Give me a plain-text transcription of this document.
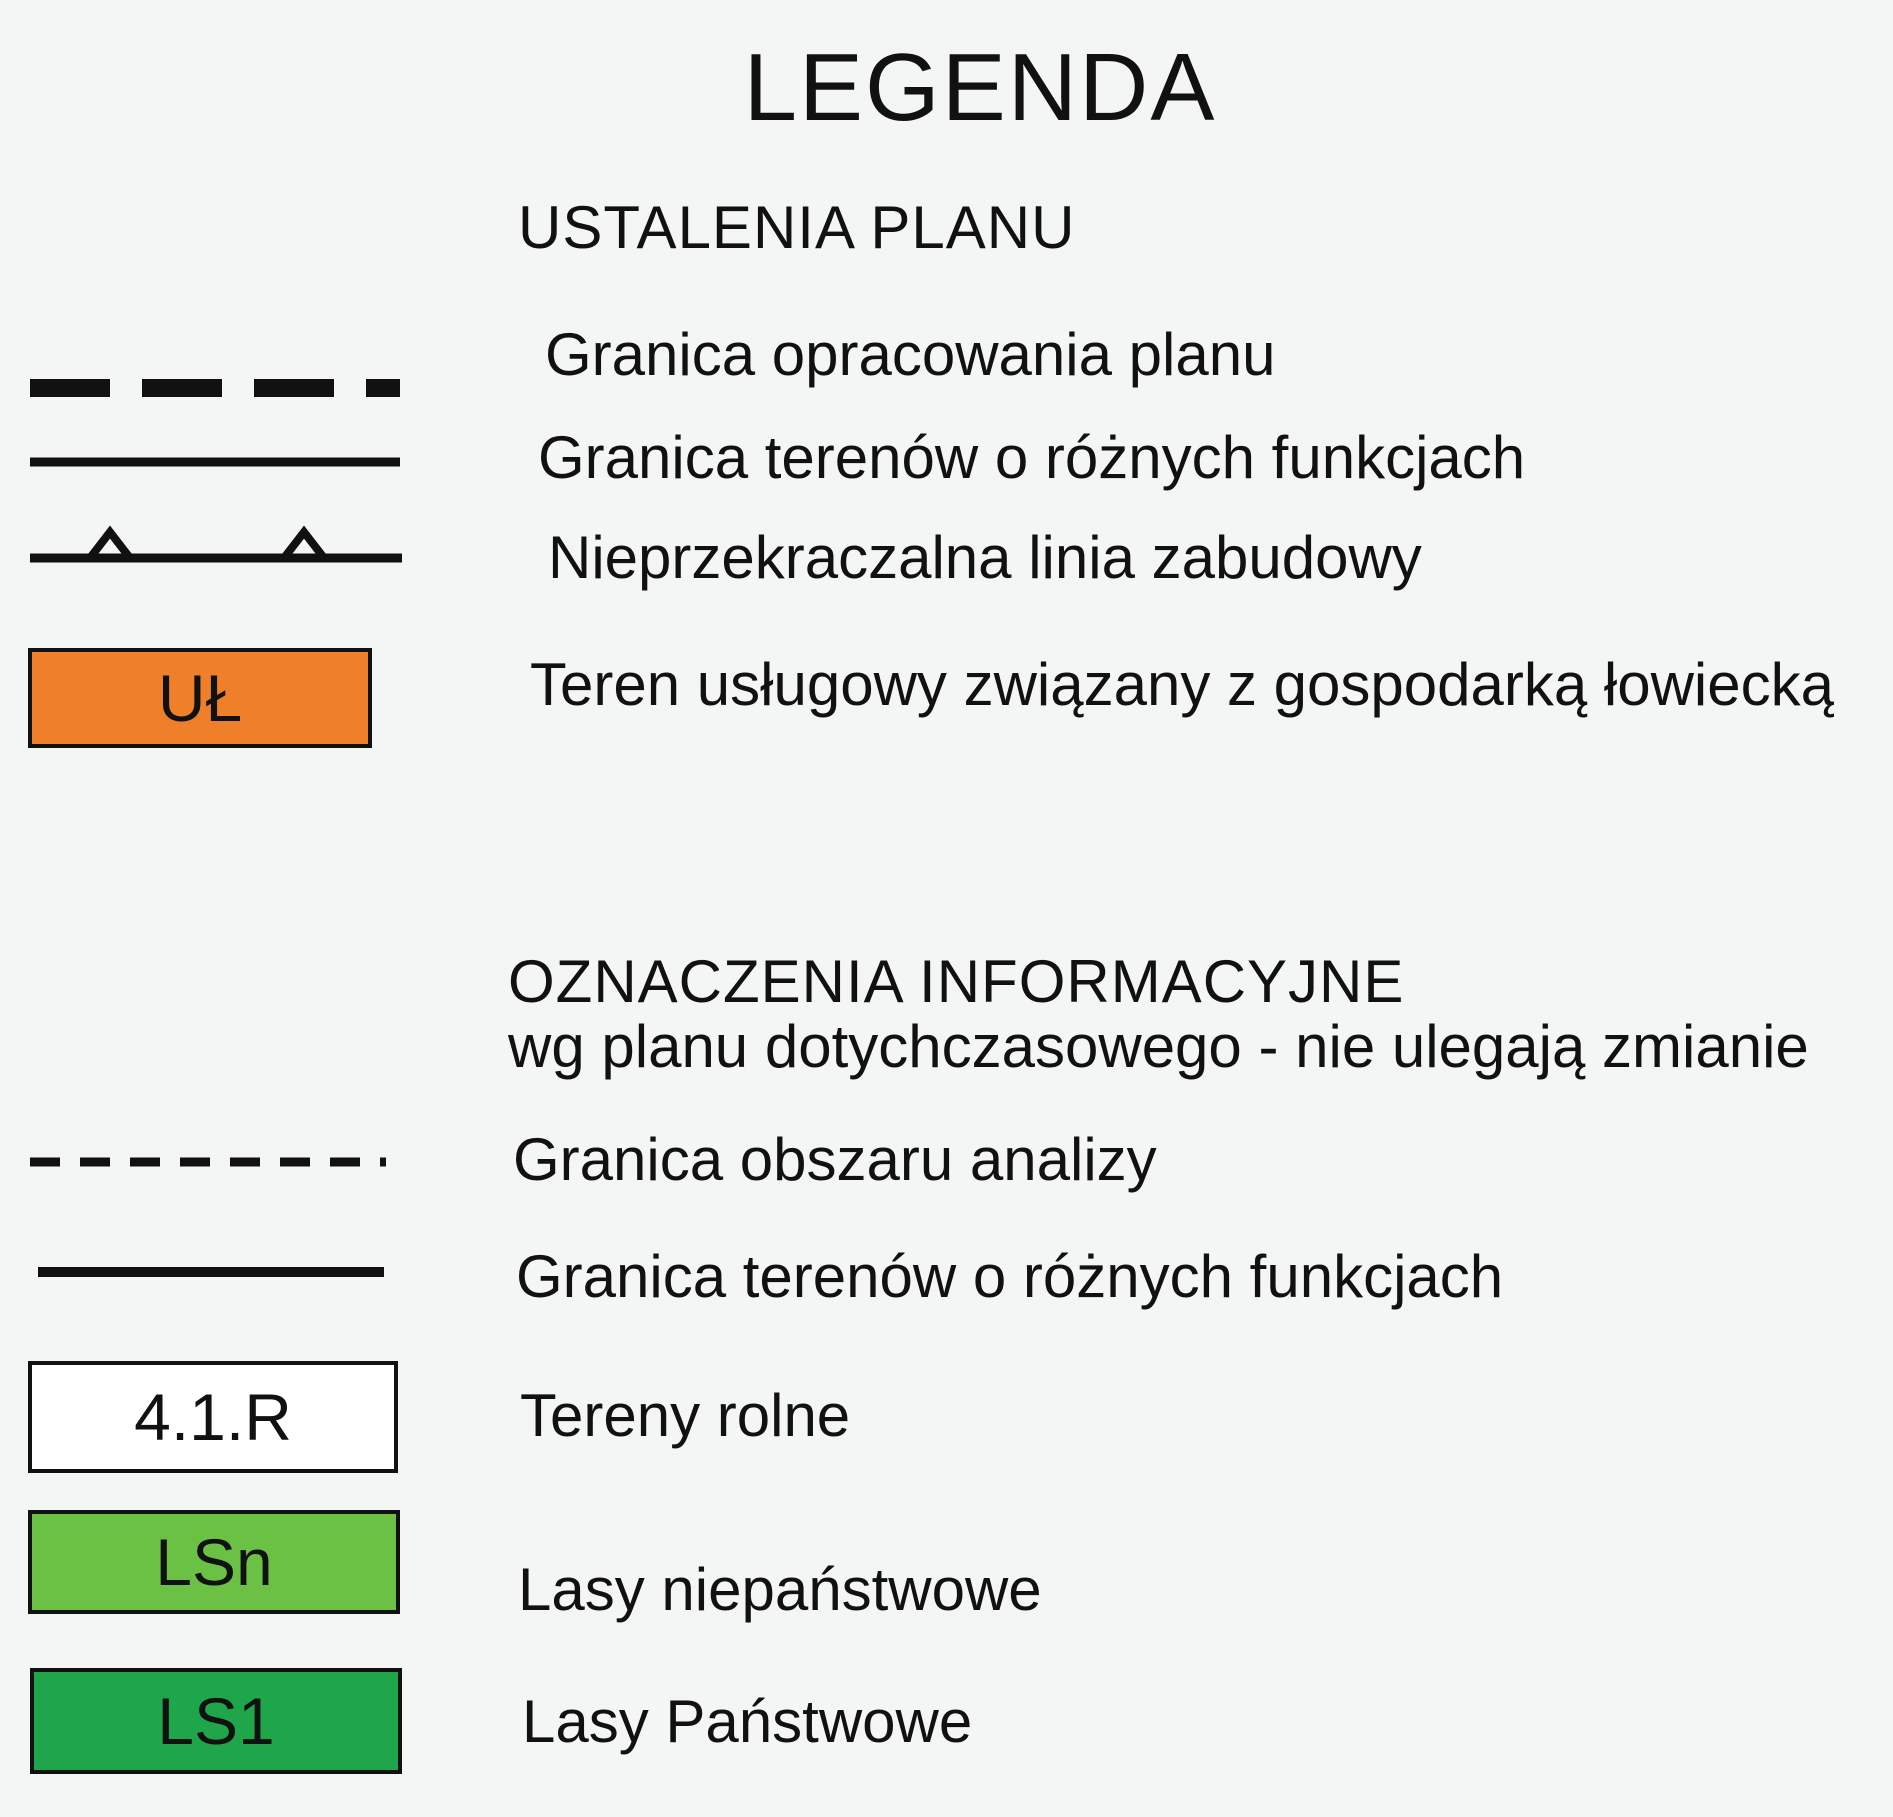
LEGENDA
USTALENIA PLANU
Granica opracowania planu
Granica terenów o różnych funkcjach
Nieprzekraczalna linia zabudowy
UŁ	Teren usługowy związany z gospodarką łowiecką
OZNACZENIA INFORMACYJNE
wg planu dotychczasowego - nie ulegają zmianie
Granica obszaru analizy
Granica terenów o różnych funkcjach
4.1.R	Tereny rolne
LSn	Lasy niepaństwowe
LS1	Lasy Państwowe
